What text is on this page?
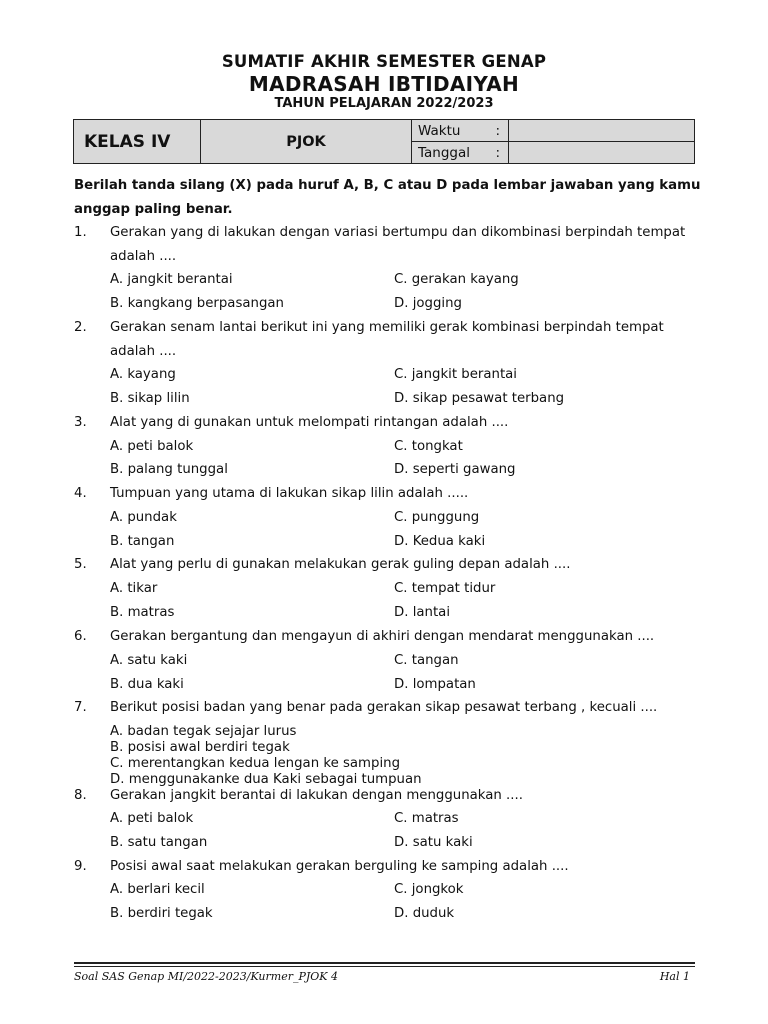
SUMATIF AKHIR SEMESTER GENAP
MADRASAH IBTIDAIYAH
TAHUN PELAJARAN 2022/2023
KELAS IV	PJOK	Waktu :	

		Tanggal :	

Berilah tanda silang (X) pada huruf A, B, C atau D pada lembar jawaban yang kamu
anggap paling benar.
1. Gerakan yang di lakukan dengan variasi bertumpu dan dikombinasi berpindah tempat
adalah ....
A. jangkit berantai	C. gerakan kayang
B. kangkang berpasangan	D. jogging
2. Gerakan senam lantai berikut ini yang memiliki gerak kombinasi berpindah tempat
adalah ....
A. kayang	C. jangkit berantai
B. sikap lilin	D. sikap pesawat terbang
3. Alat yang di gunakan untuk melompati rintangan adalah ....
A. peti balok	C. tongkat
B. palang tunggal	D. seperti gawang
4. Tumpuan yang utama di lakukan sikap lilin adalah .....
A. pundak	C. punggung
B. tangan	D. Kedua kaki
5. Alat yang perlu di gunakan melakukan gerak guling depan adalah ....
A. tikar	C. tempat tidur
B. matras	D. lantai
6. Gerakan bergantung dan mengayun di akhiri dengan mendarat menggunakan ....
A. satu kaki	C. tangan
B. dua kaki	D. lompatan
7. Berikut posisi badan yang benar pada gerakan sikap pesawat terbang , kecuali ....
A. badan tegak sejajar lurus
B. posisi awal berdiri tegak
C. merentangkan kedua lengan ke samping
D. menggunakanke dua Kaki sebagai tumpuan
8. Gerakan jangkit berantai di lakukan dengan menggunakan ....
A. peti balok	C. matras
B. satu tangan	D. satu kaki
9. Posisi awal saat melakukan gerakan berguling ke samping adalah ....
A. berlari kecil	C. jongkok
B. berdiri tegak	D. duduk
Soal SAS Genap MI/2022-2023/Kurmer_PJOK 4	Hal 1
